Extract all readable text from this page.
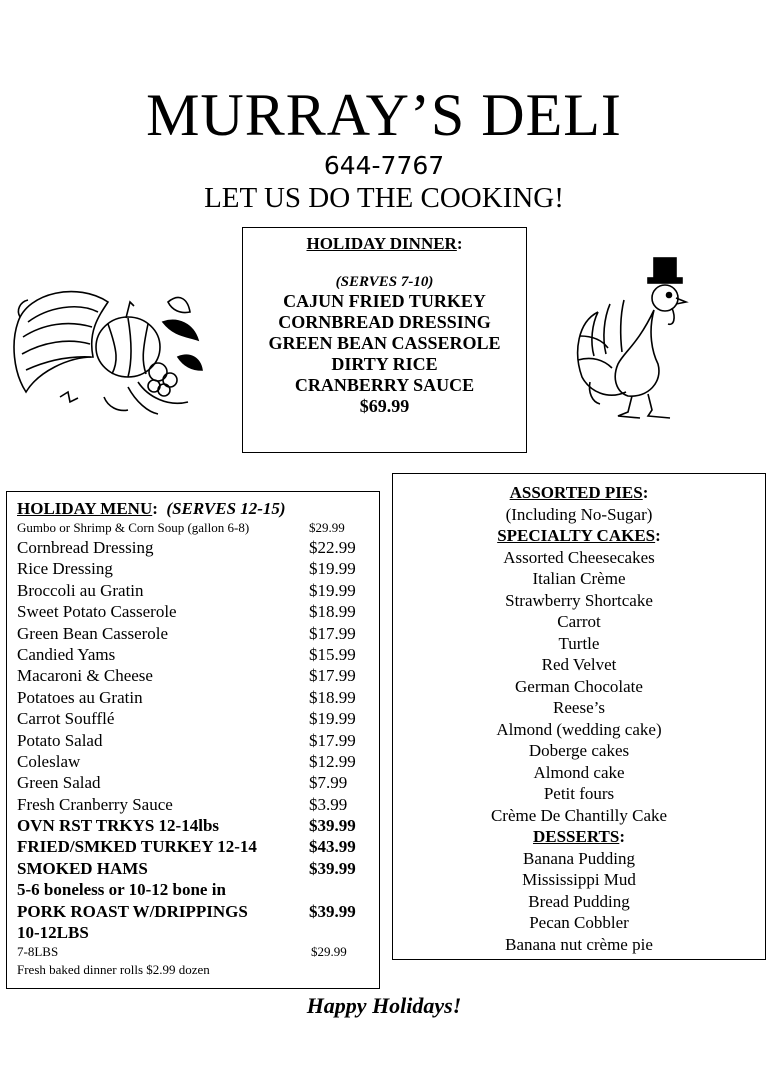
MURRAY’S DELI
644-7767
LET US DO THE COOKING!
HOLIDAY DINNER:
(SERVES 7-10)
CAJUN FRIED TURKEY
CORNBREAD DRESSING
GREEN BEAN CASSEROLE
DIRTY RICE
CRANBERRY SAUCE
$69.99
HOLIDAY MENU: (SERVES 12-15)
Gumbo or Shrimp & Corn Soup (gallon 6-8)	$29.99
Cornbread Dressing	$22.99
Rice Dressing	$19.99
Broccoli au Gratin	$19.99
Sweet Potato Casserole	$18.99
Green Bean Casserole	$17.99
Candied Yams	$15.99
Macaroni & Cheese	$17.99
Potatoes au Gratin	$18.99
Carrot Soufflé	$19.99
Potato Salad	$17.99
Coleslaw	$12.99
Green Salad	$7.99
Fresh Cranberry Sauce	$3.99
OVN RST TRKYS 12-14lbs	$39.99
FRIED/SMKED TURKEY 12-14	$43.99
SMOKED HAMS	$39.99
5-6 boneless or 10-12 bone in
PORK ROAST W/DRIPPINGS	$39.99
10-12LBS
7-8LBS	$29.99
Fresh baked dinner rolls $2.99 dozen
ASSORTED PIES:
(Including No-Sugar)
SPECIALTY CAKES:
Assorted Cheesecakes
Italian Crème
Strawberry Shortcake
Carrot
Turtle
Red Velvet
German Chocolate
Reese’s
Almond (wedding cake)
Doberge cakes
Almond cake
Petit fours
Crème De Chantilly Cake
DESSERTS:
Banana Pudding
Mississippi Mud
Bread Pudding
Pecan Cobbler
Banana nut crème pie
Happy Holidays!
